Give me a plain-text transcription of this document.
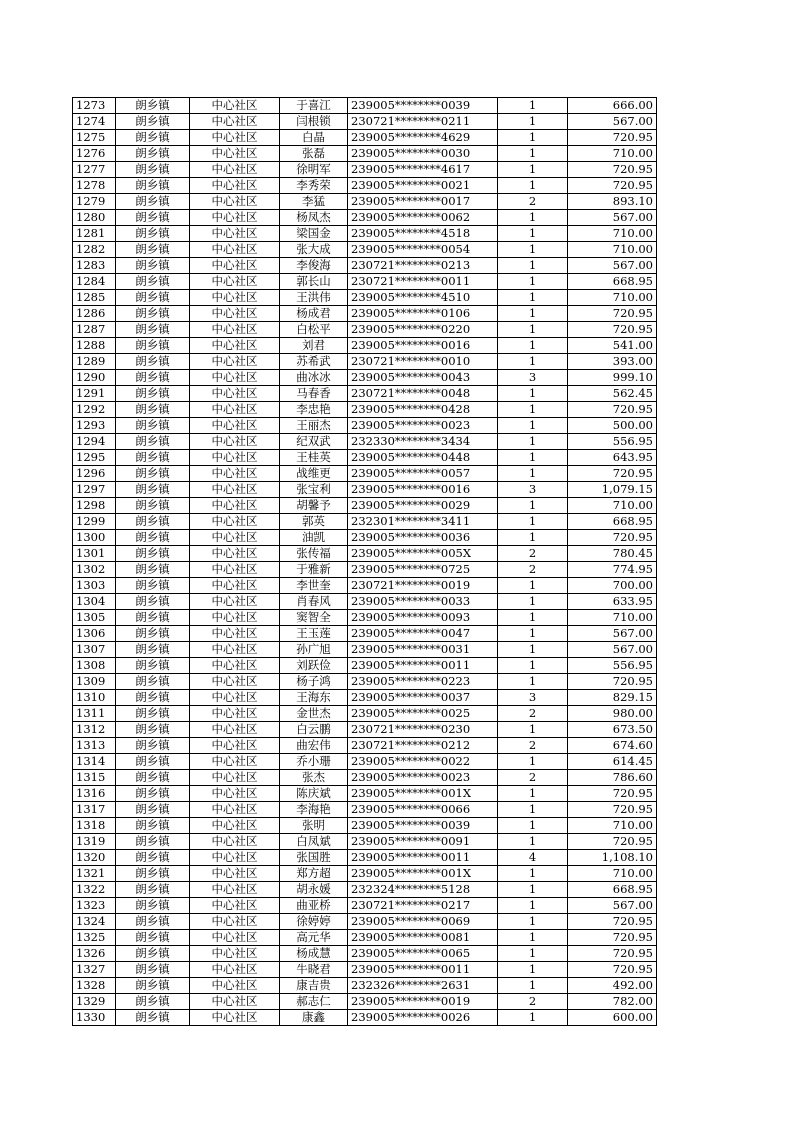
1273	朗乡镇	中心社区	于喜江	239005********0039	1	666.00
1274	朗乡镇	中心社区	闫根锁	230721********0211	1	567.00
1275	朗乡镇	中心社区	白晶	239005********4629	1	720.95
1276	朗乡镇	中心社区	张磊	239005********0030	1	710.00
1277	朗乡镇	中心社区	徐明军	239005********4617	1	720.95
1278	朗乡镇	中心社区	李秀荣	239005********0021	1	720.95
1279	朗乡镇	中心社区	李猛	239005********0017	2	893.10
1280	朗乡镇	中心社区	杨凤杰	239005********0062	1	567.00
1281	朗乡镇	中心社区	梁国金	239005********4518	1	710.00
1282	朗乡镇	中心社区	张大成	239005********0054	1	710.00
1283	朗乡镇	中心社区	李俊海	230721********0213	1	567.00
1284	朗乡镇	中心社区	郭长山	230721********0011	1	668.95
1285	朗乡镇	中心社区	王洪伟	239005********4510	1	710.00
1286	朗乡镇	中心社区	杨成君	239005********0106	1	720.95
1287	朗乡镇	中心社区	白松平	239005********0220	1	720.95
1288	朗乡镇	中心社区	刘君	239005********0016	1	541.00
1289	朗乡镇	中心社区	苏希武	230721********0010	1	393.00
1290	朗乡镇	中心社区	曲冰冰	239005********0043	3	999.10
1291	朗乡镇	中心社区	马春香	230721********0048	1	562.45
1292	朗乡镇	中心社区	李忠艳	239005********0428	1	720.95
1293	朗乡镇	中心社区	王丽杰	239005********0023	1	500.00
1294	朗乡镇	中心社区	纪双武	232330********3434	1	556.95
1295	朗乡镇	中心社区	王桂英	239005********0448	1	643.95
1296	朗乡镇	中心社区	战维更	239005********0057	1	720.95
1297	朗乡镇	中心社区	张宝利	239005********0016	3	1,079.15
1298	朗乡镇	中心社区	胡馨予	239005********0029	1	710.00
1299	朗乡镇	中心社区	郭英	232301********3411	1	668.95
1300	朗乡镇	中心社区	油凯	239005********0036	1	720.95
1301	朗乡镇	中心社区	张传福	239005********005X	2	780.45
1302	朗乡镇	中心社区	于雅新	239005********0725	2	774.95
1303	朗乡镇	中心社区	李世奎	230721********0019	1	700.00
1304	朗乡镇	中心社区	肖春风	239005********0033	1	633.95
1305	朗乡镇	中心社区	窦智全	239005********0093	1	710.00
1306	朗乡镇	中心社区	王玉莲	239005********0047	1	567.00
1307	朗乡镇	中心社区	孙广旭	239005********0031	1	567.00
1308	朗乡镇	中心社区	刘跃俭	239005********0011	1	556.95
1309	朗乡镇	中心社区	杨子鸿	239005********0223	1	720.95
1310	朗乡镇	中心社区	王海东	239005********0037	3	829.15
1311	朗乡镇	中心社区	金世杰	239005********0025	2	980.00
1312	朗乡镇	中心社区	白云鹏	230721********0230	1	673.50
1313	朗乡镇	中心社区	曲宏伟	230721********0212	2	674.60
1314	朗乡镇	中心社区	乔小珊	239005********0022	1	614.45
1315	朗乡镇	中心社区	张杰	239005********0023	2	786.60
1316	朗乡镇	中心社区	陈庆斌	239005********001X	1	720.95
1317	朗乡镇	中心社区	李海艳	239005********0066	1	720.95
1318	朗乡镇	中心社区	张明	239005********0039	1	710.00
1319	朗乡镇	中心社区	白凤斌	239005********0091	1	720.95
1320	朗乡镇	中心社区	张国胜	239005********0011	4	1,108.10
1321	朗乡镇	中心社区	郑方超	239005********001X	1	710.00
1322	朗乡镇	中心社区	胡永媛	232324********5128	1	668.95
1323	朗乡镇	中心社区	曲亚桥	230721********0217	1	567.00
1324	朗乡镇	中心社区	徐婷婷	239005********0069	1	720.95
1325	朗乡镇	中心社区	高元华	239005********0081	1	720.95
1326	朗乡镇	中心社区	杨成慧	239005********0065	1	720.95
1327	朗乡镇	中心社区	牛晓君	239005********0011	1	720.95
1328	朗乡镇	中心社区	康吉贵	232326********2631	1	492.00
1329	朗乡镇	中心社区	郝志仁	239005********0019	2	782.00
1330	朗乡镇	中心社区	康鑫	239005********0026	1	600.00
